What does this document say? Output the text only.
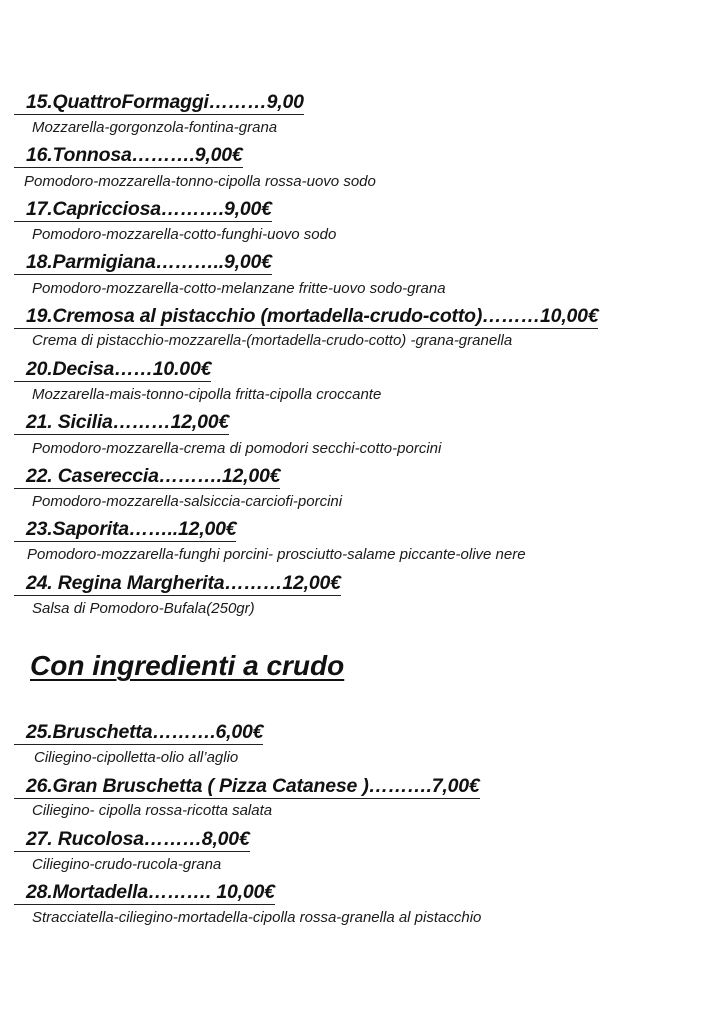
15.QuattroFormaggi………9,00
Mozzarella-gorgonzola-fontina-grana
16.Tonnosa……….9,00€
Pomodoro-mozzarella-tonno-cipolla rossa-uovo sodo
17.Capricciosa……….9,00€
Pomodoro-mozzarella-cotto-funghi-uovo sodo
18.Parmigiana………..9,00€
Pomodoro-mozzarella-cotto-melanzane fritte-uovo sodo-grana
19.Cremosa al pistacchio (mortadella-crudo-cotto)………10,00€
Crema di pistacchio-mozzarella-(mortadella-crudo-cotto) -grana-granella
20.Decisa……10.00€
Mozzarella-mais-tonno-cipolla fritta-cipolla croccante
21. Sicilia………12,00€
Pomodoro-mozzarella-crema di pomodori secchi-cotto-porcini
22. Casereccia……….12,00€
Pomodoro-mozzarella-salsiccia-carciofi-porcini
23.Saporita……..12,00€
Pomodoro-mozzarella-funghi porcini- prosciutto-salame piccante-olive nere
24. Regina Margherita………12,00€
Salsa di Pomodoro-Bufala(250gr)
Con ingredienti a crudo
25.Bruschetta……….6,00€
Ciliegino-cipolletta-olio all’aglio
26.Gran Bruschetta ( Pizza Catanese )……….7,00€
Ciliegino- cipolla rossa-ricotta salata
27. Rucolosa………8,00€
Ciliegino-crudo-rucola-grana
28.Mortadella………. 10,00€
Stracciatella-ciliegino-mortadella-cipolla rossa-granella al pistacchio
